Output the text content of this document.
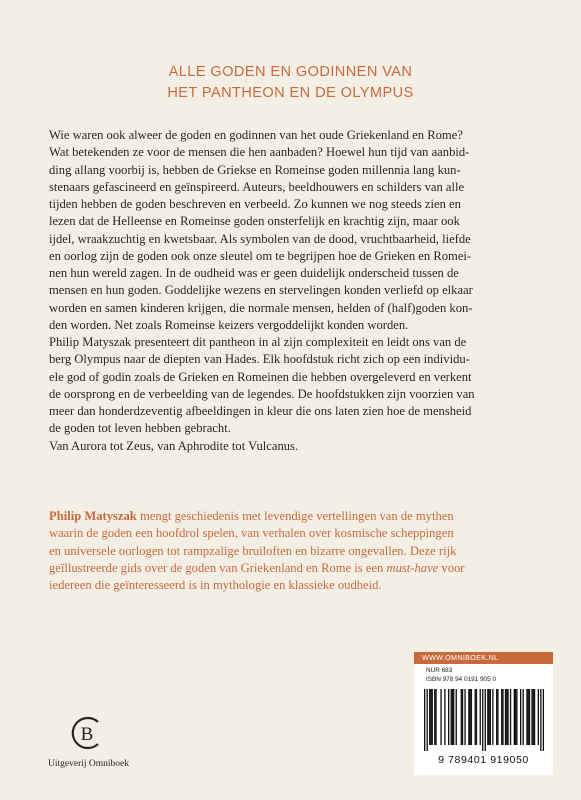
ALLE GODEN EN GODINNEN VAN
HET PANTHEON EN DE OLYMPUS

Wie waren ook alweer de goden en godinnen van het oude Griekenland en Rome?

Wat betekenden ze voor de mensen die hen aanbaden? Hoewel hun tijd van aanbid-

ding allang voorbij is, hebben de Griekse en Romeinse goden millennia lang kun-

stenaars gefascineerd en geïnspireerd. Auteurs, beeldhouwers en schilders van alle

tijden hebben de goden beschreven en verbeeld. Zo kunnen we nog steeds zien en

lezen dat de Helleense en Romeinse goden onsterfelijk en krachtig zijn, maar ook

ijdel, wraakzuchtig en kwetsbaar. Als symbolen van de dood, vruchtbaarheid, liefde

en oorlog zijn de goden ook onze sleutel om te begrijpen hoe de Grieken en Romei-

nen hun wereld zagen. In de oudheid was er geen duidelijk onderscheid tussen de

mensen en hun goden. Goddelijke wezens en stervelingen konden verliefd op elkaar

worden en samen kinderen krijgen, die normale mensen, helden of (half)goden kon-

den worden. Net zoals Romeinse keizers vergoddelijkt konden worden.

Philip Matyszak presenteert dit pantheon in al zijn complexiteit en leidt ons van de

berg Olympus naar de diepten van Hades. Elk hoofdstuk richt zich op een individu-

ele god of godin zoals de Grieken en Romeinen die hebben overgeleverd en verkent

de oorsprong en de verbeelding van de legendes. De hoofdstukken zijn voorzien van

meer dan honderdzeventig afbeeldingen in kleur die ons laten zien hoe de mensheid

de goden tot leven hebben gebracht.

Van Aurora tot Zeus, van Aphrodite tot Vulcanus.

Philip Matyszak mengt geschiedenis met levendige vertellingen van de mythen
waarin de goden een hoofdrol spelen, van verhalen over kosmische scheppingen
en universele oorlogen tot rampzalige bruiloften en bizarre ongevallen. Deze rijk
geïllustreerde gids over de goden van Griekenland en Rome is een must-have voor
iedereen die geïnteresseerd is in mythologie en klassieke oudheid.
WWW.OMNIBOEK.NL
NUR 683
ISBN 978 94 0191 905 0
9 789401 919050
B
Uitgeverij Omniboek
